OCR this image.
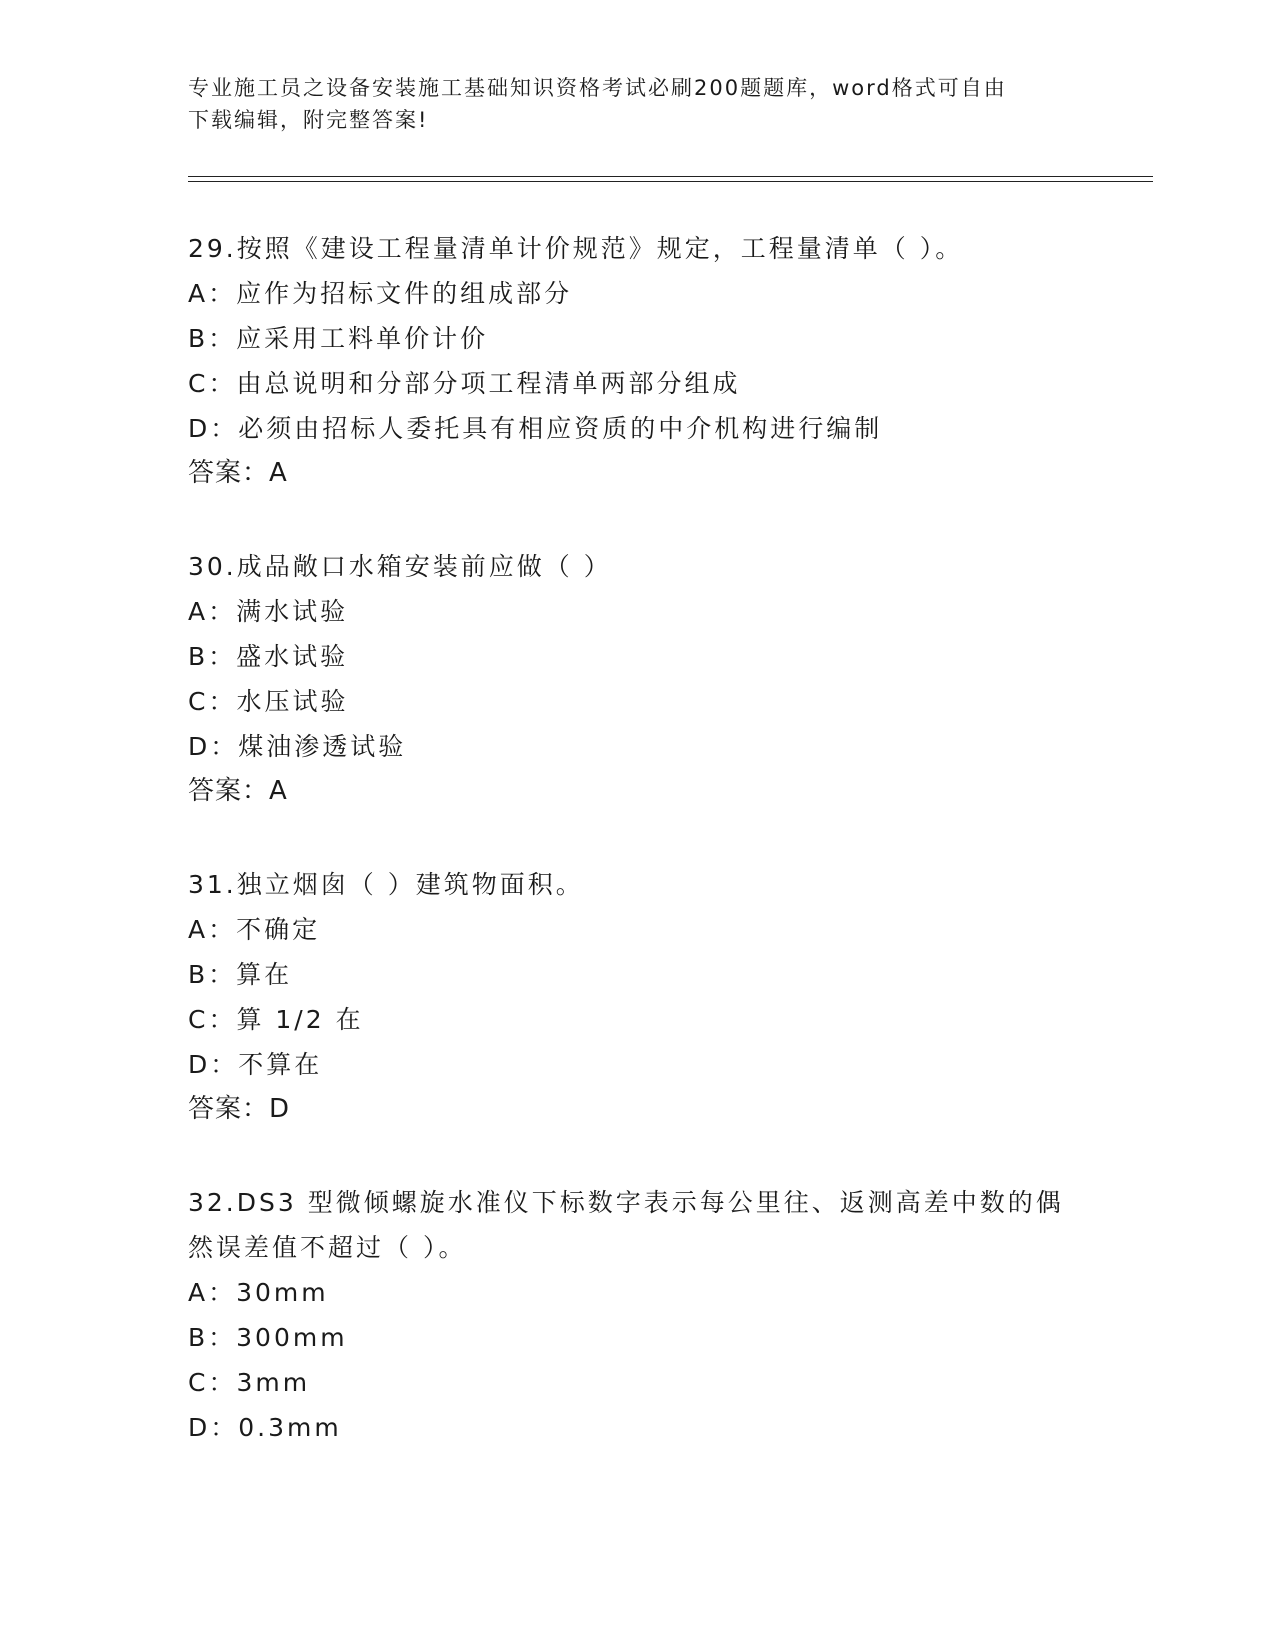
专业施工员之设备安装施工基础知识资格考试必刷200题题库，word格式可自由
下载编辑，附完整答案!

29.按照《建设工程量清单计价规范》规定，工程量清单（ ）。

A：应作为招标文件的组成部分

B：应采用工料单价计价

C：由总说明和分部分项工程清单两部分组成

D：必须由招标人委托具有相应资质的中介机构进行编制

答案：A

30.成品敞口水箱安装前应做（ ）

A：满水试验

B：盛水试验

C：水压试验

D：煤油渗透试验

答案：A

31.独立烟囱（ ）建筑物面积。

A：不确定

B：算在

C：算 1/2 在

D：不算在

答案：D

32.DS3 型微倾螺旋水准仪下标数字表示每公里往、返测高差中数的偶

然误差值不超过（ ）。

A：30mm

B：300mm

C：3mm

D：0.3mm
